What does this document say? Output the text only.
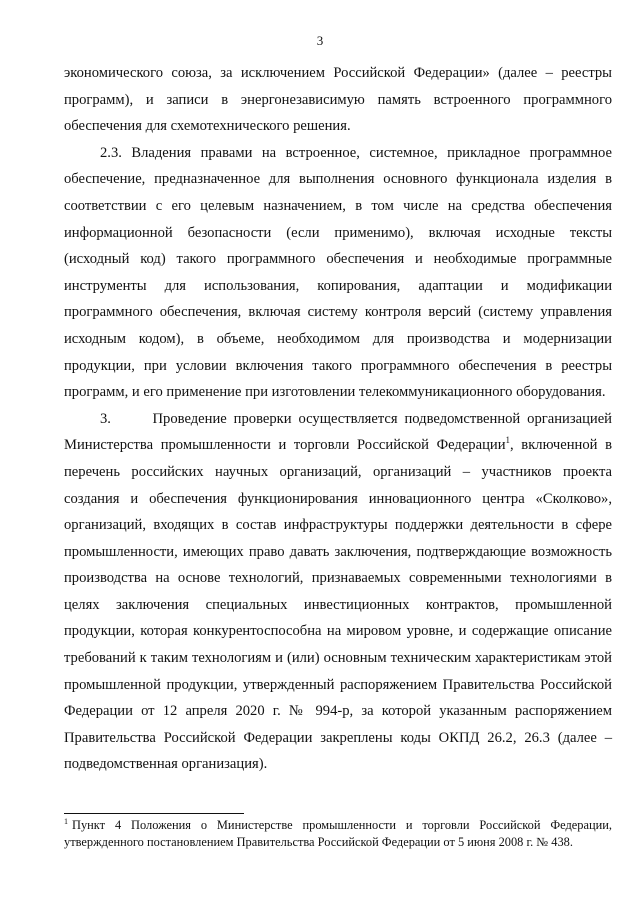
3

экономического союза, за исключением Российской Федерации» (далее – реестры программ), и записи в энергонезависимую память встроенного программного обеспечения для схемотехнического решения.

2.3. Владения правами на встроенное, системное, прикладное программное обеспечение, предназначенное для выполнения основного функционала изделия в соответствии с его целевым назначением, в том числе на средства обеспечения информационной безопасности (если применимо), включая исходные тексты (исходный код) такого программного обеспечения и необходимые программные инструменты для использования, копирования, адаптации и модификации программного обеспечения, включая систему контроля версий (систему управления исходным кодом), в объеме, необходимом для производства и модернизации продукции, при условии включения такого программного обеспечения в реестры программ, и его применение при изготовлении телекоммуникационного оборудования.

3.      Проведение проверки осуществляется подведомственной организацией Министерства промышленности и торговли Российской Федерации$^1$, включенной в перечень российских научных организаций, организаций – участников проекта создания и обеспечения функционирования инновационного центра «Сколково», организаций, входящих в состав инфраструктуры поддержки деятельности в сфере промышленности, имеющих право давать заключения, подтверждающие возможность производства на основе технологий, признаваемых современными технологиями в целях заключения специальных инвестиционных контрактов, промышленной продукции, которая конкурентоспособна на мировом уровне, и содержащие описание требований к таким технологиям и (или) основным техническим характеристикам этой промышленной продукции, утвержденный распоряжением Правительства Российской Федерации от 12 апреля 2020 г. № 994-р, за которой указанным распоряжением Правительства Российской Федерации закреплены коды ОКПД 26.2, 26.3 (далее – подведомственная организация).

$^1$ Пункт 4 Положения о Министерстве промышленности и торговли Российской Федерации, утвержденного постановлением Правительства Российской Федерации от 5 июня 2008 г. № 438.
